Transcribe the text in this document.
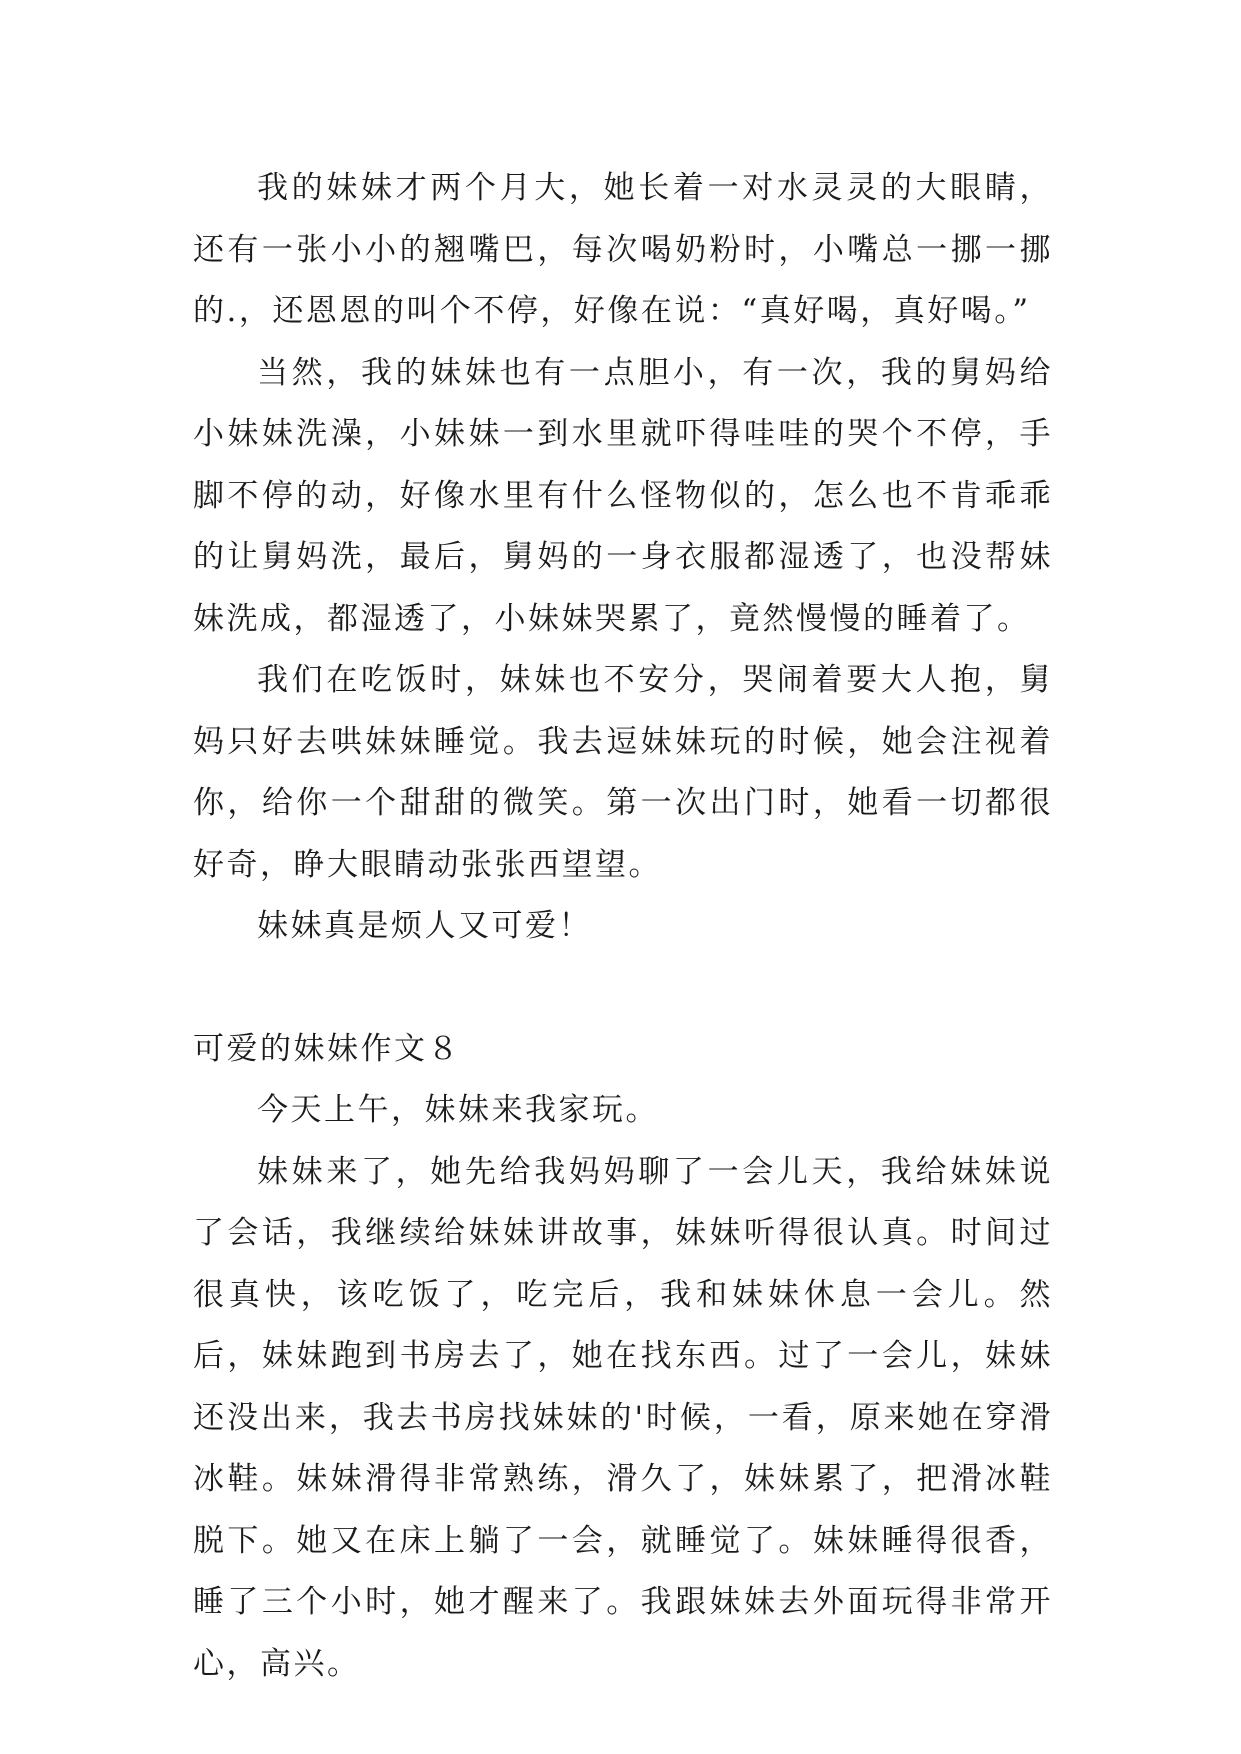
我的妹妹才两个月大，她长着一对水灵灵的大眼睛，还有一张小小的翘嘴巴，每次喝奶粉时，小嘴总一挪一挪的.，还恩恩的叫个不停，好像在说：“真好喝，真好喝。”

当然，我的妹妹也有一点胆小，有一次，我的舅妈给小妹妹洗澡，小妹妹一到水里就吓得哇哇的哭个不停，手脚不停的动，好像水里有什么怪物似的，怎么也不肯乖乖的让舅妈洗，最后，舅妈的一身衣服都湿透了，也没帮妹妹洗成，都湿透了，小妹妹哭累了，竟然慢慢的睡着了。

我们在吃饭时，妹妹也不安分，哭闹着要大人抱，舅妈只好去哄妹妹睡觉。我去逗妹妹玩的时候，她会注视着你，给你一个甜甜的微笑。第一次出门时，她看一切都很好奇，睁大眼睛动张张西望望。

妹妹真是烦人又可爱！

可爱的妹妹作文８

今天上午，妹妹来我家玩。

妹妹来了，她先给我妈妈聊了一会儿天，我给妹妹说了会话，我继续给妹妹讲故事，妹妹听得很认真。时间过很真快，该吃饭了，吃完后，我和妹妹休息一会儿。然后，妹妹跑到书房去了，她在找东西。过了一会儿，妹妹还没出来，我去书房找妹妹的'时候，一看，原来她在穿滑冰鞋。妹妹滑得非常熟练，滑久了，妹妹累了，把滑冰鞋脱下。她又在床上躺了一会，就睡觉了。妹妹睡得很香，睡了三个小时，她才醒来了。我跟妹妹去外面玩得非常开心，高兴。
